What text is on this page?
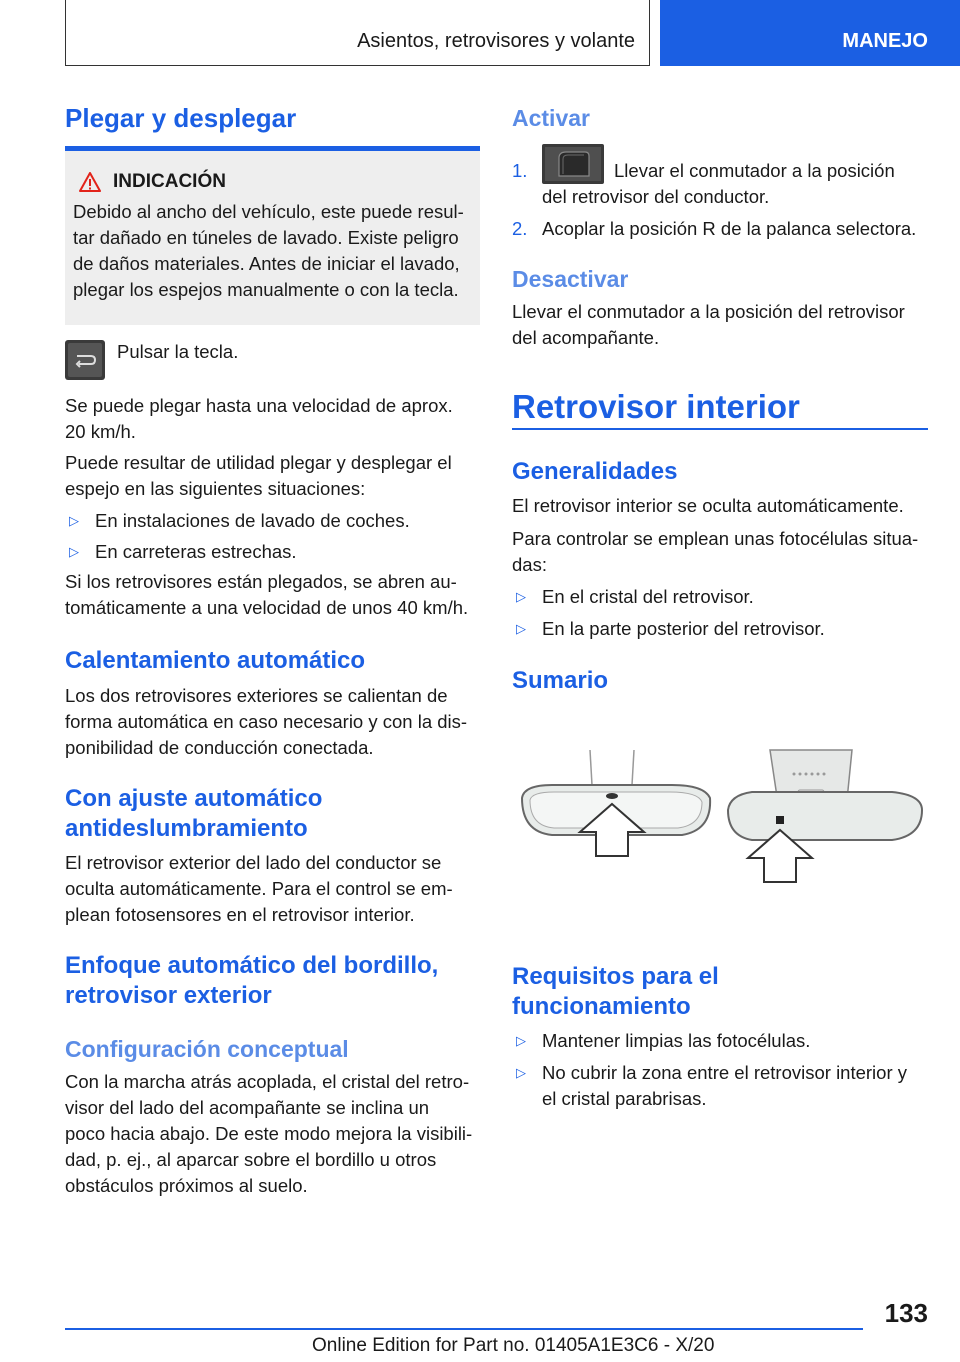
Asientos, retrovisores y volante	MANEJO
Plegar y desplegar
INDICACIÓN

Debido al ancho del vehículo, este puede resul‐

tar dañado en túneles de lavado. Existe peligro

de daños materiales. Antes de iniciar el lavado,

plegar los espejos manualmente o con la tecla.

Pulsar la tecla.

Se puede plegar hasta una velocidad de aprox.

20 km/h.

Puede resultar de utilidad plegar y desplegar el

espejo en las siguientes situaciones:

▷ En instalaciones de lavado de coches.
▷ En carreteras estrechas.

Si los retrovisores están plegados, se abren au‐

tomáticamente a una velocidad de unos 40 km/h.

Calentamiento automático

Los dos retrovisores exteriores se calientan de

forma automática en caso necesario y con la dis‐

ponibilidad de conducción conectada.

Con ajuste automático
antideslumbramiento

El retrovisor exterior del lado del conductor se

oculta automáticamente. Para el control se em‐

plean fotosensores en el retrovisor interior.

Enfoque automático del bordillo,
retrovisor exterior
Configuración conceptual

Con la marcha atrás acoplada, el cristal del retro‐

visor del lado del acompañante se inclina un

poco hacia abajo. De este modo mejora la visibili‐

dad, p. ej., al aparcar sobre el bordillo u otros

obstáculos próximos al suelo.

Activar
1.	Llevar el conmutador a la posición
del retrovisor del conductor.
2. Acoplar la posición R de la palanca selectora.
Desactivar

Llevar el conmutador a la posición del retrovisor

del acompañante.

Retrovisor interior
Generalidades

El retrovisor interior se oculta automáticamente.

Para controlar se emplean unas fotocélulas situa‐

das:

▷ En el cristal del retrovisor.
▷ En la parte posterior del retrovisor.
Sumario
Requisitos para el
funcionamiento
▷ Mantener limpias las fotocélulas.
▷ No cubrir la zona entre el retrovisor interior y
el cristal parabrisas.
133
Online Edition for Part no. 01405A1E3C6 - X/20
